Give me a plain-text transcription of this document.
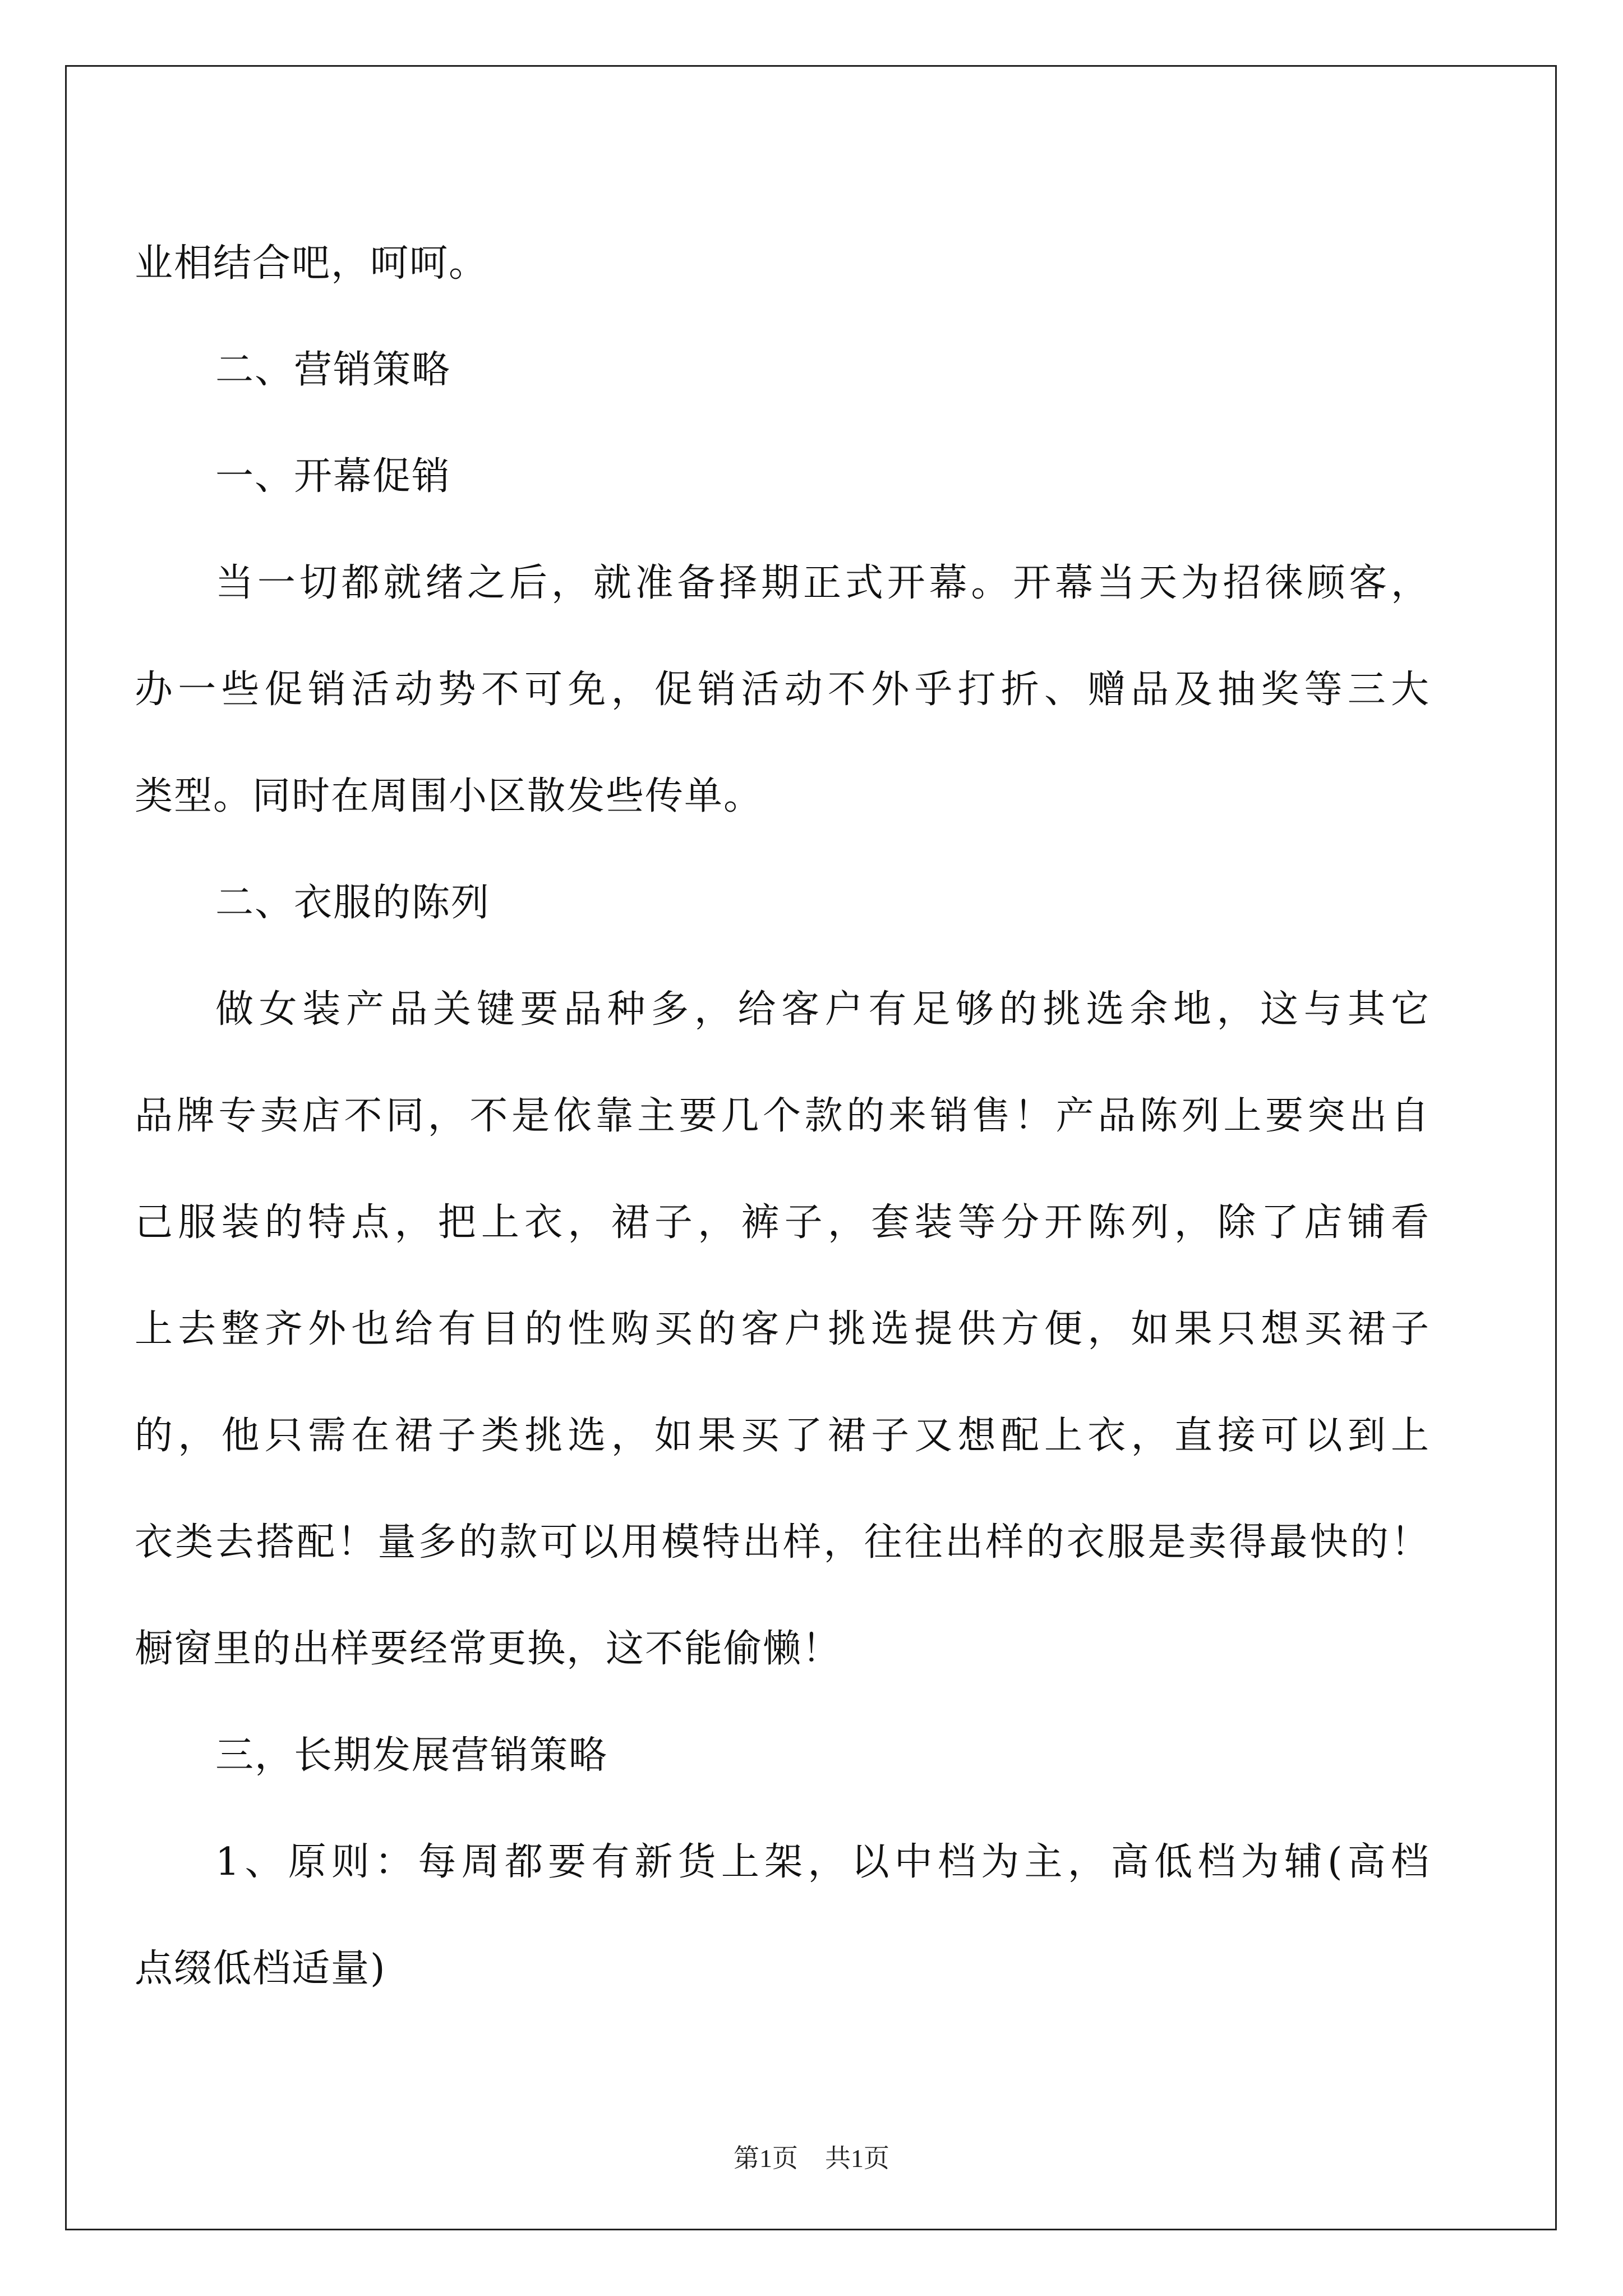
业相结合吧，呵呵。

二、营销策略

一、开幕促销

当一切都就绪之后，就准备择期正式开幕。开幕当天为招徕顾客，

办一些促销活动势不可免，促销活动不外乎打折、赠品及抽奖等三大

类型。同时在周围小区散发些传单。

二、衣服的陈列

做女装产品关键要品种多，给客户有足够的挑选余地，这与其它

品牌专卖店不同，不是依靠主要几个款的来销售！产品陈列上要突出自

己服装的特点，把上衣，裙子，裤子，套装等分开陈列，除了店铺看

上去整齐外也给有目的性购买的客户挑选提供方便，如果只想买裙子

的，他只需在裙子类挑选，如果买了裙子又想配上衣，直接可以到上

衣类去搭配！量多的款可以用模特出样，往往出样的衣服是卖得最快的！

橱窗里的出样要经常更换，这不能偷懒！

三，长期发展营销策略

1、原则：每周都要有新货上架，以中档为主，高低档为辅(高档

点缀低档适量)

第1页 共1页
